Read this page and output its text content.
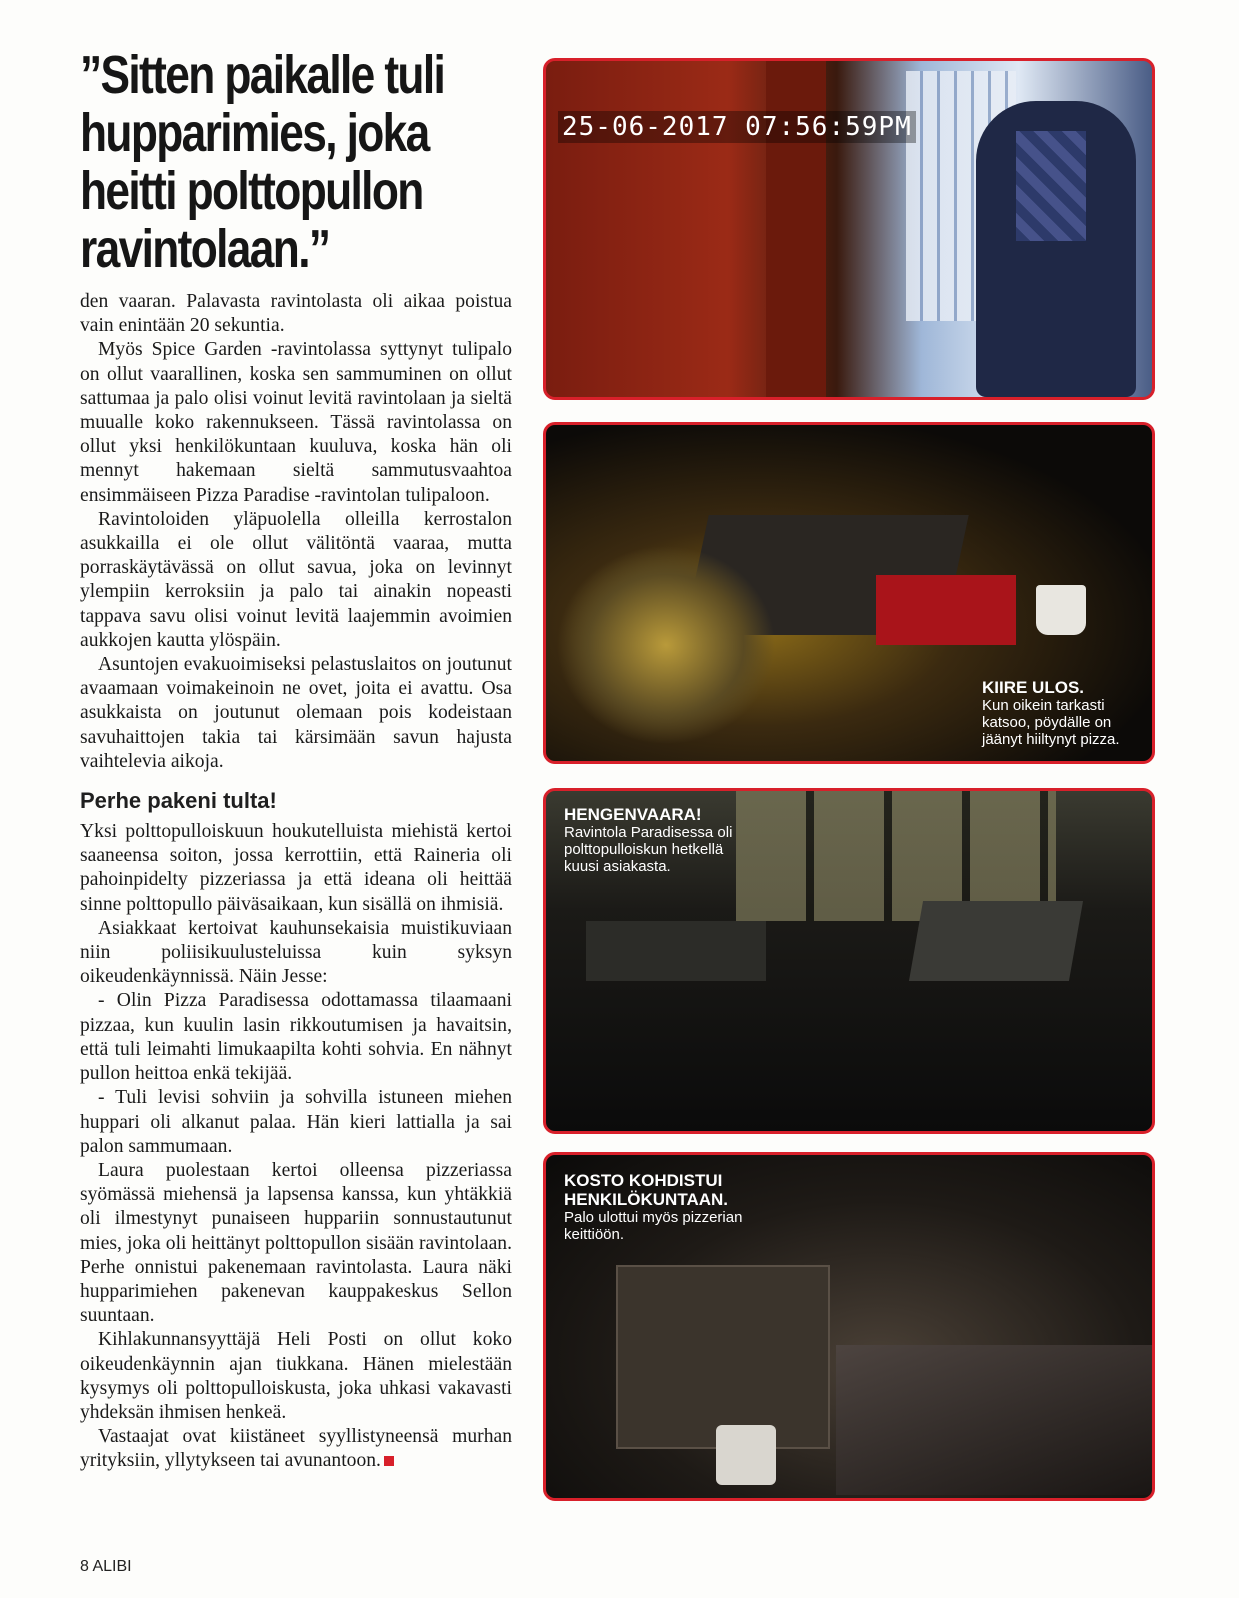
”Sitten paikalle tuli
hupparimies, joka
heitti polttopullon
ravintolaan.”

den vaaran. Palavasta ravintolasta oli aikaa poistua vain enintään 20 sekuntia.

Myös Spice Garden -ravintolassa syttynyt tulipalo on ollut vaarallinen, koska sen sammuminen on ollut sattumaa ja palo olisi voinut levitä ravintolaan ja sieltä muualle koko rakennukseen. Tässä ravintolassa on ollut yksi henkilökuntaan kuuluva, koska hän oli mennyt hakemaan sieltä sammutusvaahtoa ensimmäiseen Pizza Paradise -ravintolan tulipaloon.

Ravintoloiden yläpuolella olleilla kerrostalon asukkailla ei ole ollut välitöntä vaaraa, mutta porraskäytävässä on ollut savua, joka on levinnyt ylempiin kerroksiin ja palo tai ainakin nopeasti tappava savu olisi voinut levitä laajemmin avoimien aukkojen kautta ylöspäin.

Asuntojen evakuoimiseksi pelastuslaitos on joutunut avaamaan voimakeinoin ne ovet, joita ei avattu. Osa asukkaista on joutunut olemaan pois kodeistaan savuhaittojen takia tai kärsimään savun hajusta vaihtelevia aikoja.

Perhe pakeni tulta!

Yksi polttopulloiskuun houkutelluista miehistä kertoi saaneensa soiton, jossa kerrottiin, että Raineria oli pahoinpidelty pizzeriassa ja että ideana oli heittää sinne polttopullo päiväsaikaan, kun sisällä on ihmisiä.

Asiakkaat kertoivat kauhunsekaisia muistikuviaan niin poliisikuulusteluissa kuin syksyn oikeudenkäynnissä. Näin Jesse:

- Olin Pizza Paradisessa odottamassa tilaamaani pizzaa, kun kuulin lasin rikkoutumisen ja havaitsin, että tuli leimahti limukaapilta kohti sohvia. En nähnyt pullon heittoa enkä tekijää.

- Tuli levisi sohviin ja sohvilla istuneen miehen huppari oli alkanut palaa. Hän kieri lattialla ja sai palon sammumaan.

Laura puolestaan kertoi olleensa pizzeriassa syömässä miehensä ja lapsensa kanssa, kun yhtäkkiä oli ilmestynyt punaiseen huppariin sonnustautunut mies, joka oli heittänyt polttopullon sisään ravintolaan. Perhe onnistui pakenemaan ravintolasta. Laura näki hupparimiehen pakenevan kauppakeskus Sellon suuntaan.

Kihlakunnansyyttäjä Heli Posti on ollut koko oikeudenkäynnin ajan tiukkana. Hänen mielestään kysymys oli polttopulloiskusta, joka uhkasi vakavasti yhdeksän ihmisen henkeä.

Vastaajat ovat kiistäneet syyllistyneensä murhan yrityksiin, yllytykseen tai avunantoon.

8 ALIBI
25-06-2017 07:56:59PM
KIIRE ULOS.
Kun oikein tarkasti katsoo, pöydälle on jäänyt hiiltynyt pizza.
HENGENVAARA!
Ravintola Paradisessa oli polttopulloiskun hetkellä kuusi asiakasta.
KOSTO KOHDISTUI HENKILÖKUNTAAN.
Palo ulottui myös pizzerian keittiöön.
